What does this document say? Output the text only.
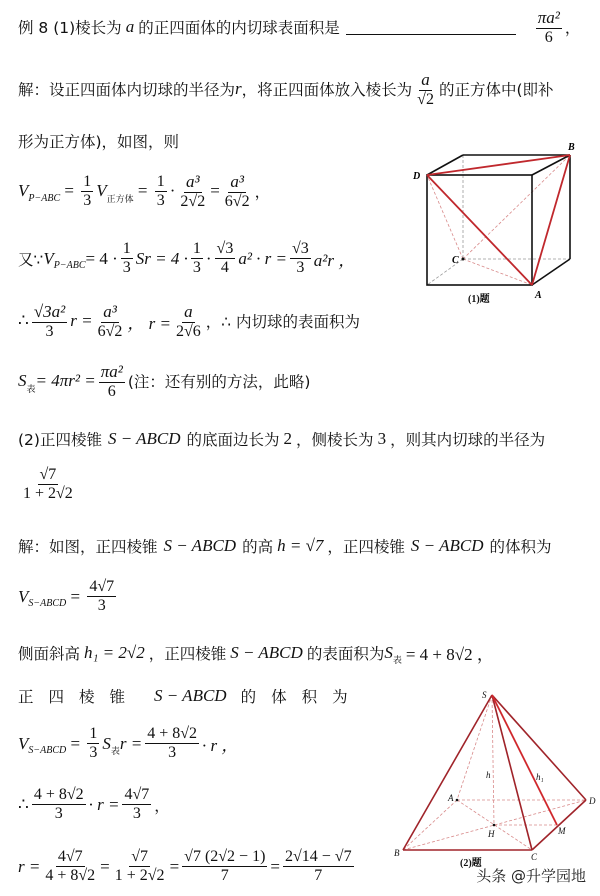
例 8 (1) 棱长为 a 的正四面体的内切球表面积是	$\frac{\text{πa²}}{6}$ ，
解：设正四面体内切球的半径为 r ，将正四面体放入棱长为 $\frac{a}{√2}$ 的正方体中(即补
形为正方体)，如图，则
V $P-ABC = \frac{1}{3}$ V 正方体 = $\frac{1}{3} \cdot \frac{\text{a³}}{2√2} = \frac{\text{a³}}{6√2}$ ，
又∵ V $P-ABC = 4 \cdot \frac{1}{3}$ $Sr = 4 \cdot \frac{1}{3} \cdot \frac{√3}{4} a^2 \cdot r = \frac{√3}{3} a^2r$ ，
∴ $\frac{\text{√3a²}}{3}$ $r = \frac{\text{a³}}{6√2}$ ， $r = \frac{a}{2√6}$ ，∴ 内切球的表面积为
S 表 = $4\pi r^2 = \frac{\text{πa²}}{6}$ (注：还有别的方法，此略)
D
B
C
A
(1)题
(2)正四棱锥 S − ABCD 的底面边长为 2 ，侧棱长为 3 ，则其内切球的半径为
$\frac{√7}{1 + 2√2}$
解：如图，正四棱锥 S − ABCD 的高 h = √7 ，正四棱锥 S − ABCD 的体积为
V S−ABCD = $\frac{4√7}{3}$
侧面斜高 h₁ = 2√2 ，正四棱锥 S − ABCD 的表面积为 S 表 = 4 + 8√2 ，
正四棱锥 S − ABCD 的体积为
V S−ABCD = $\frac{1}{3}$ S 表 $r = \frac{4 + 8√2}{3} \cdot r$ ，
∴ $\frac{4 + 8√2}{3} \cdot r = \frac{4√7}{3}$ ，
$r = \frac{4√7}{4 + 8√2} = \frac{√7}{1 + 2√2} = \frac{√7 (2√2 - 1)}{7} = \frac{2√14 - √7}{7}$
S
A
B	C
D
H	M
h	h₁
(2)题
头条 @升学园地
